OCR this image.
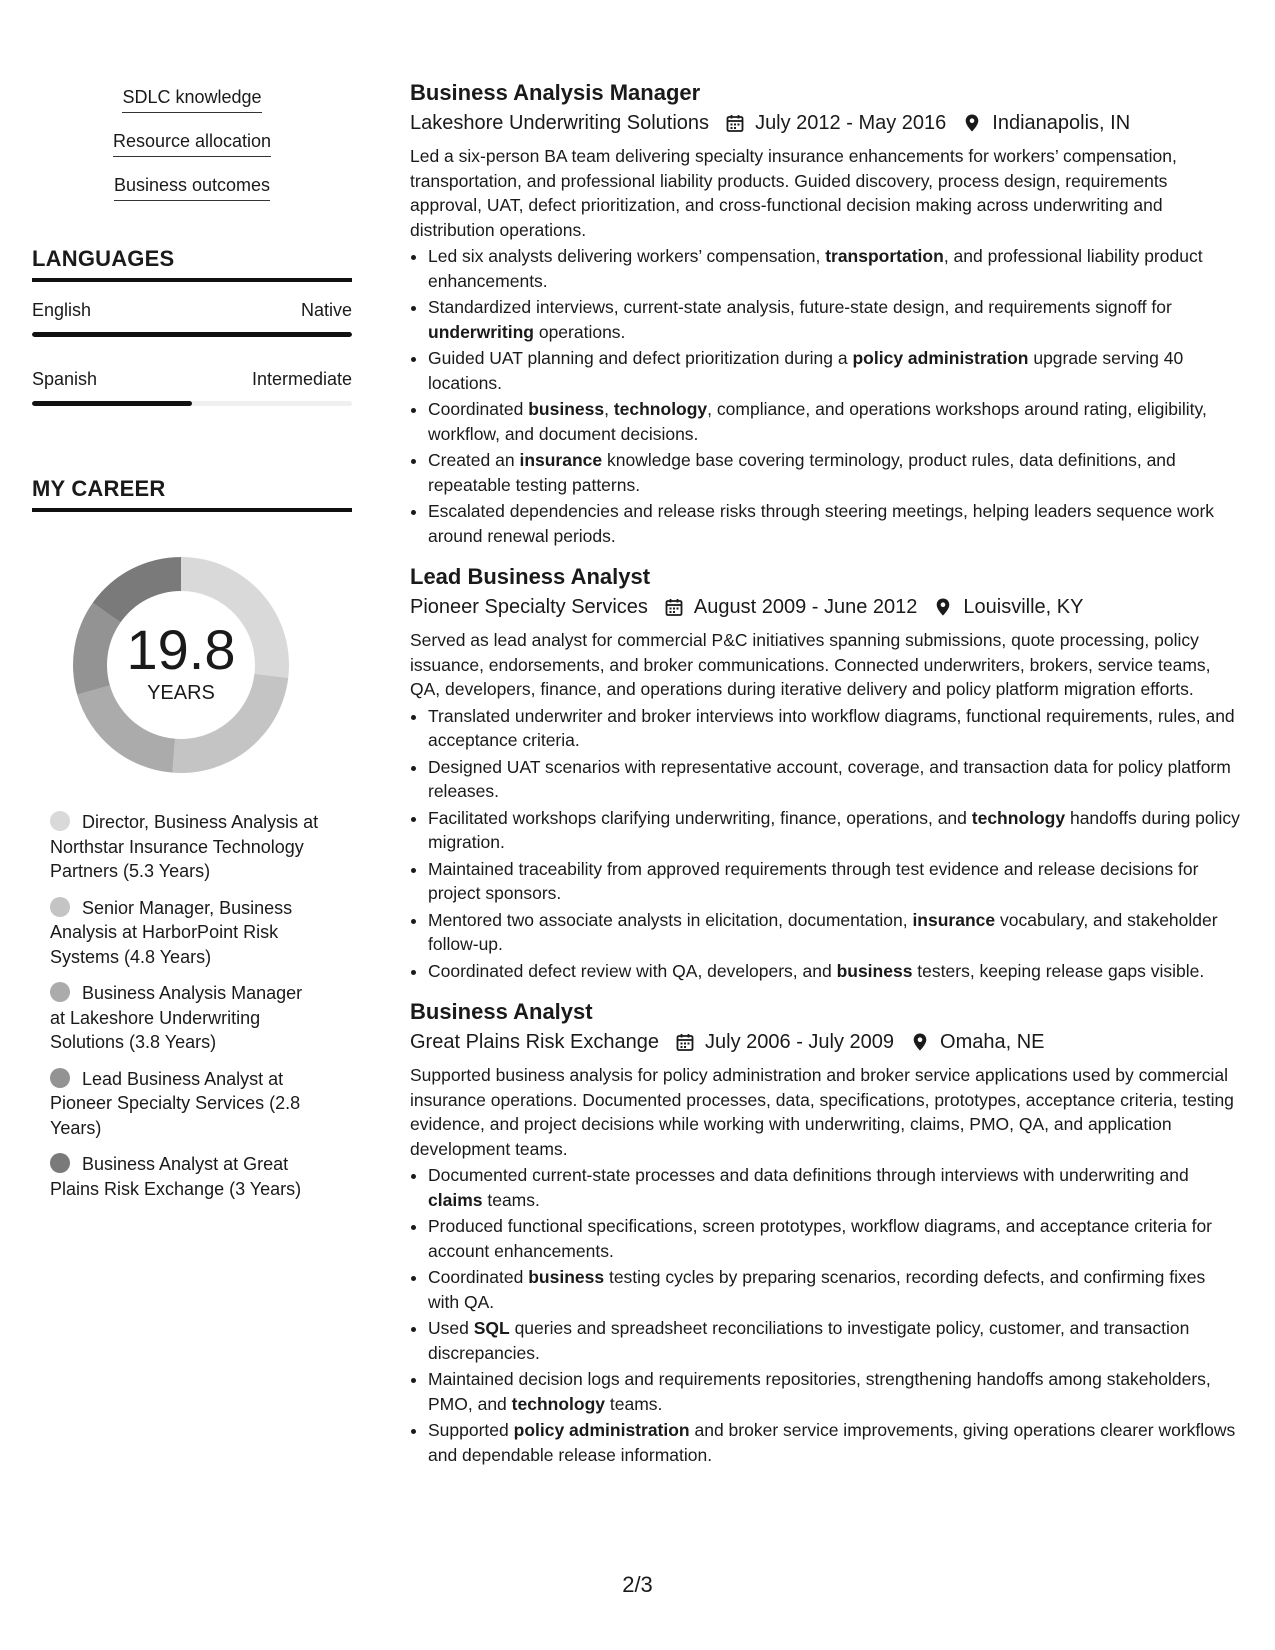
SDLC knowledge
Resource allocation
Business outcomes
LANGUAGES
English	Native
Spanish	Intermediate
MY CAREER
19.8
YEARS
Director, Business Analysis at Northstar Insurance Technology Partners (5.3 Years)
Senior Manager, Business Analysis at HarborPoint Risk Systems (4.8 Years)
Business Analysis Manager at Lakeshore Underwriting Solutions (3.8 Years)
Lead Business Analyst at Pioneer Specialty Services (2.8 Years)
Business Analyst at Great Plains Risk Exchange (3 Years)
Business Analysis Manager
Lakeshore Underwriting Solutions July 2012 - May 2016 Indianapolis, IN
Led a six-person BA team delivering specialty insurance enhancements for workers’ compensation, transportation, and professional liability products. Guided discovery, process design, requirements approval, UAT, defect prioritization, and cross-functional decision making across underwriting and distribution operations.
• Led six analysts delivering workers’ compensation, transportation, and professional liability product enhancements.
• Standardized interviews, current-state analysis, future-state design, and requirements signoff for underwriting operations.
• Guided UAT planning and defect prioritization during a policy administration upgrade serving 40 locations.
• Coordinated business, technology, compliance, and operations workshops around rating, eligibility, workflow, and document decisions.
• Created an insurance knowledge base covering terminology, product rules, data definitions, and repeatable testing patterns.
• Escalated dependencies and release risks through steering meetings, helping leaders sequence work around renewal periods.
Lead Business Analyst
Pioneer Specialty Services August 2009 - June 2012 Louisville, KY
Served as lead analyst for commercial P&C initiatives spanning submissions, quote processing, policy issuance, endorsements, and broker communications. Connected underwriters, brokers, service teams, QA, developers, finance, and operations during iterative delivery and policy platform migration efforts.
• Translated underwriter and broker interviews into workflow diagrams, functional requirements, rules, and acceptance criteria.
• Designed UAT scenarios with representative account, coverage, and transaction data for policy platform releases.
• Facilitated workshops clarifying underwriting, finance, operations, and technology handoffs during policy migration.
• Maintained traceability from approved requirements through test evidence and release decisions for project sponsors.
• Mentored two associate analysts in elicitation, documentation, insurance vocabulary, and stakeholder follow-up.
• Coordinated defect review with QA, developers, and business testers, keeping release gaps visible.
Business Analyst
Great Plains Risk Exchange July 2006 - July 2009 Omaha, NE
Supported business analysis for policy administration and broker service applications used by commercial insurance operations. Documented processes, data, specifications, prototypes, acceptance criteria, testing evidence, and project decisions while working with underwriting, claims, PMO, QA, and application development teams.
• Documented current-state processes and data definitions through interviews with underwriting and claims teams.
• Produced functional specifications, screen prototypes, workflow diagrams, and acceptance criteria for account enhancements.
• Coordinated business testing cycles by preparing scenarios, recording defects, and confirming fixes with QA.
• Used SQL queries and spreadsheet reconciliations to investigate policy, customer, and transaction discrepancies.
• Maintained decision logs and requirements repositories, strengthening handoffs among stakeholders, PMO, and technology teams.
• Supported policy administration and broker service improvements, giving operations clearer workflows and dependable release information.
2/3
